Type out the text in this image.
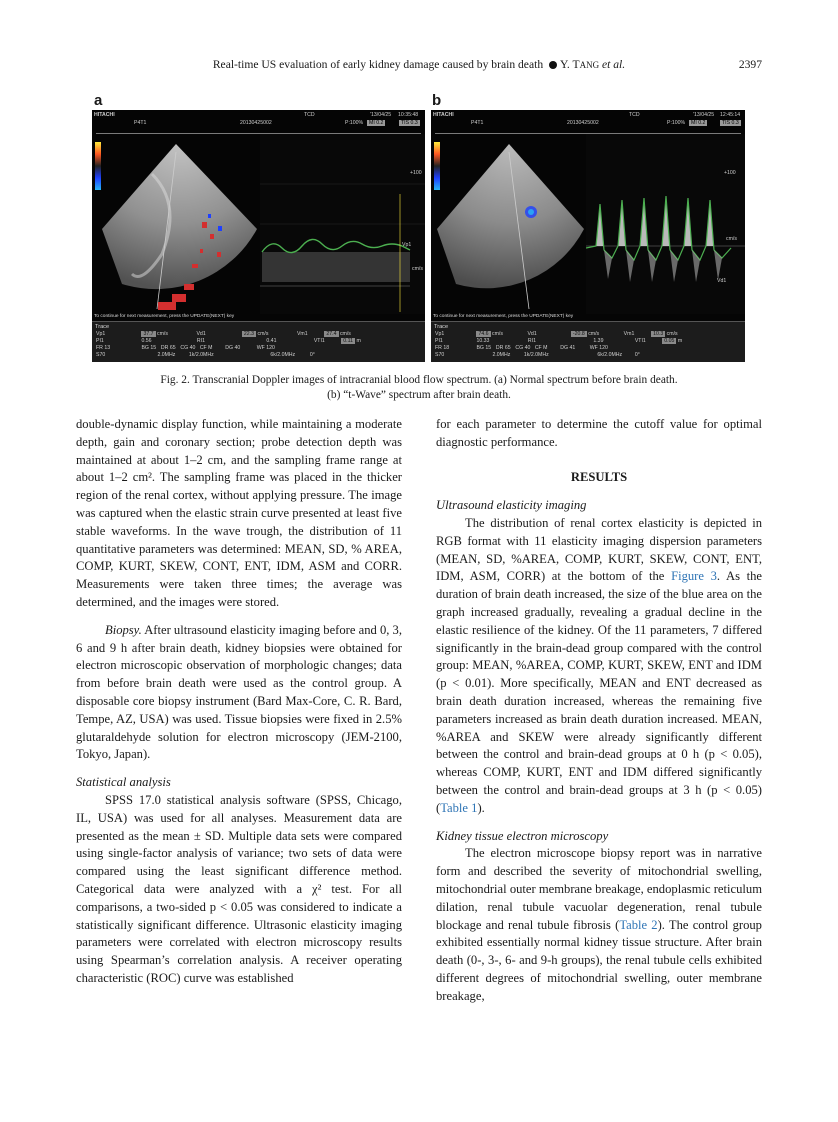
Real-time US evaluation of early kidney damage caused by brain death Y. TANG et al.	2397
a	b
HITACHI
P4T1	20130425002
TCD	'13/04/25 10:35:48
P:100%	MI 0.2	TIS 0.3
Vp1
+100
cm/s
To continue for next measurement, press the UPDATE(NEXT) key
Trace
Vp1	37.7 cm/s	Vd1	22.3 cm/s	Vm1	27.4 cm/s
PI1	0.56	RI1	0.41	VTI1	0.11 m
FR 13	BG 15 DR 65 CG 40 CF M DG 40	WF 120
S70	2.0MHz	1k/2.0MHz	6k/2.0MHz	0°
HITACHI
P4T1	20130425002
TCD	'13/04/25 12:45:14
P:100%	MI 0.2	TIS 0.3
Vd1
+100
cm/s
To continue for next measurement, press the UPDATE(NEXT) key
Trace
Vp1	74.6 cm/s	Vd1	-20.8 cm/s	Vm1	10.3 cm/s
PI1	10.33	RI1	1.39	VTI1	0.05 m
FR 18	BG 15 DR 65 CG 40 CF M DG 41	WF 120
S70	2.0MHz	1k/2.0MHz	6k/2.0MHz 0°
Fig. 2. Transcranial Doppler images of intracranial blood flow spectrum. (a) Normal spectrum before brain death.
(b) “t-Wave” spectrum after brain death.

double-dynamic display function, while maintaining a moderate depth, gain and coronary section; probe detection depth was maintained at about 1–2 cm, and the sampling frame range at about 1–2 cm². The sampling frame was placed in the thicker region of the renal cortex, without applying pressure. The image was captured when the elastic strain curve presented at least five stable waveforms. In the wave trough, the distribution of 11 quantitative parameters was determined: MEAN, SD, % AREA, COMP, KURT, SKEW, CONT, ENT, IDM, ASM and CORR. Measurements were taken three times; the average was determined, and the images were stored.

Biopsy. After ultrasound elasticity imaging before and 0, 3, 6 and 9 h after brain death, kidney biopsies were obtained for electron microscopic observation of morphologic changes; data from before brain death were used as the control group. A disposable core biopsy instrument (Bard Max-Core, C. R. Bard, Tempe, AZ, USA) was used. Tissue biopsies were fixed in 2.5% glutaraldehyde solution for electron microscopy (JEM-2100, Tokyo, Japan).

Statistical analysis

SPSS 17.0 statistical analysis software (SPSS, Chicago, IL, USA) was used for all analyses. Measurement data are presented as the mean ± SD. Multiple data sets were compared using single-factor analysis of variance; two sets of data were compared using the least significant difference method. Categorical data were analyzed with a χ² test. For all comparisons, a two-sided p < 0.05 was considered to indicate a statistically significant difference. Ultrasonic elasticity imaging parameters were correlated with electron microscopy results using Spearman’s correlation analysis. A receiver operating characteristic (ROC) curve was established

for each parameter to determine the cutoff value for optimal diagnostic performance.

RESULTS

Ultrasound elasticity imaging

The distribution of renal cortex elasticity is depicted in RGB format with 11 elasticity imaging dispersion parameters (MEAN, SD, %AREA, COMP, KURT, SKEW, CONT, ENT, IDM, ASM, CORR) at the bottom of the Figure 3. As the duration of brain death increased, the size of the blue area on the graph increased gradually, revealing a gradual decline in the elastic resilience of the kidney. Of the 11 parameters, 7 differed significantly in the brain-dead group compared with the control group: MEAN, %AREA, COMP, KURT, SKEW, ENT and IDM (p < 0.01). More specifically, MEAN and ENT decreased as brain death duration increased, whereas the remaining five parameters increased as brain death duration increased. MEAN, %AREA and SKEW were already significantly different between the control and brain-dead groups at 0 h (p < 0.05), whereas COMP, KURT, ENT and IDM differed significantly between the control and brain-dead groups at 3 h (p < 0.05) (Table 1).

Kidney tissue electron microscopy

The electron microscope biopsy report was in narrative form and described the severity of mitochondrial swelling, mitochondrial outer membrane breakage, endoplasmic reticulum dilation, renal tubule vacuolar degeneration, renal tubule blockage and renal tubule fibrosis (Table 2). The control group exhibited essentially normal kidney tissue structure. After brain death (0-, 3-, 6- and 9-h groups), the renal tubule cells exhibited different degrees of mitochondrial swelling, outer membrane breakage,
